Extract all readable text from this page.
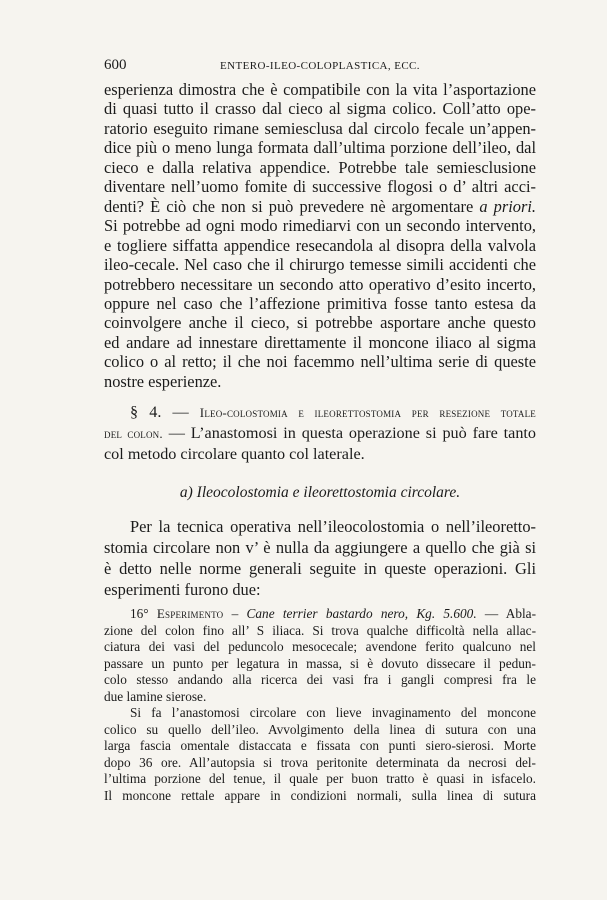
600	ENTERO-ILEO-COLOPLASTICA, ECC.
esperienza dimostra che è compatibile con la vita l’asportazione
di quasi tutto il crasso dal cieco al sigma colico. Coll’atto ope-
ratorio eseguito rimane semiesclusa dal circolo fecale un’appen-
dice più o meno lunga formata dall’ultima porzione dell’ileo, dal
cieco e dalla relativa appendice. Potrebbe tale semiesclusione
diventare nell’uomo fomite di successive flogosi o d’ altri acci-
denti? È ciò che non si può prevedere nè argomentare a priori.
Si potrebbe ad ogni modo rimediarvi con un secondo intervento,
e togliere siffatta appendice resecandola al disopra della valvola
ileo-cecale. Nel caso che il chirurgo temesse simili accidenti che
potrebbero necessitare un secondo atto operativo d’esito incerto,
oppure nel caso che l’affezione primitiva fosse tanto estesa da
coinvolgere anche il cieco, si potrebbe asportare anche questo
ed andare ad innestare direttamente il moncone iliaco al sigma
colico o al retto; il che noi facemmo nell’ultima serie di queste
nostre esperienze.
§ 4. — Ileo-colostomia e ileorettostomia per resezione totale
del colon. — L’anastomosi in questa operazione si può fare tanto
col metodo circolare quanto col laterale.
a) Ileocolostomia e ileorettostomia circolare.
Per la tecnica operativa nell’ileocolostomia o nell’ileoretto-
stomia circolare non v’ è nulla da aggiungere a quello che già si
è detto nelle norme generali seguite in queste operazioni. Gli
esperimenti furono due:
16° Esperimento – Cane terrier bastardo nero, Kg. 5.600. — Abla-
zione del colon fino all’ S iliaca. Si trova qualche difficoltà nella allac-
ciatura dei vasi del peduncolo mesocecale; avendone ferito qualcuno nel
passare un punto per legatura in massa, si è dovuto dissecare il pedun-
colo stesso andando alla ricerca dei vasi fra i gangli compresi fra le
due lamine sierose.
Si fa l’anastomosi circolare con lieve invaginamento del moncone
colico su quello dell’ileo. Avvolgimento della linea di sutura con una
larga fascia omentale distaccata e fissata con punti siero-sierosi. Morte
dopo 36 ore. All’autopsia si trova peritonite determinata da necrosi del-
l’ultima porzione del tenue, il quale per buon tratto è quasi in isfacelo.
Il moncone rettale appare in condizioni normali, sulla linea di sutura
